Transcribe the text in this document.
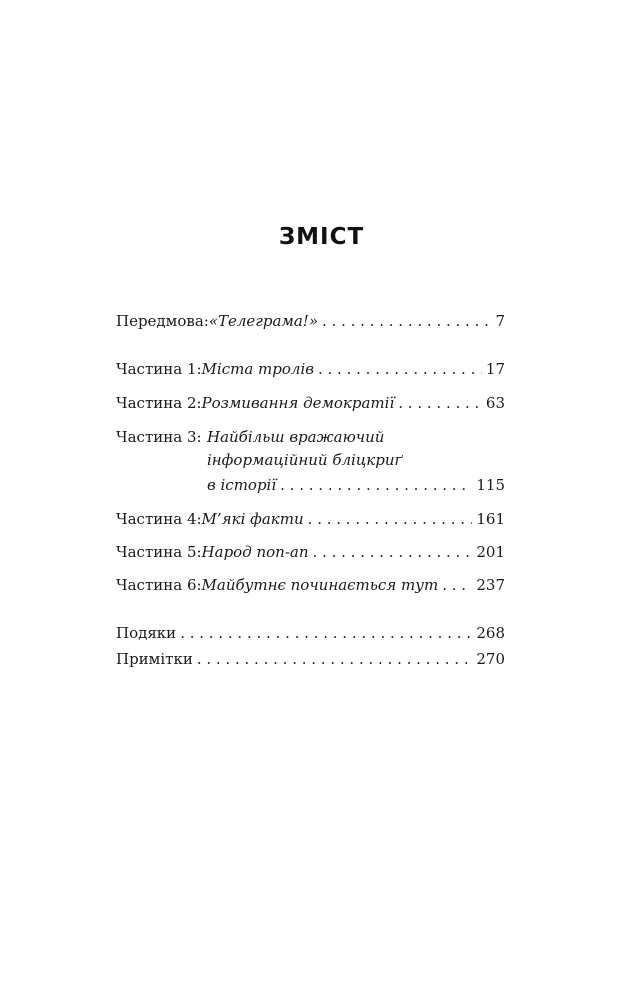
ЗМІСТ
Передмова: «Телеграма!» . . .	7
Частина 1: Міста тролів . . .	17
Частина 2: Розмивання демократії . . .	63
Частина 3: Найбільш вражаючий
інформаційний бліцкриґ
в історії . . .	115
Частина 4: М’які факти . . .	161
Частина 5: Народ поп-ап . . .	201
Частина 6: Майбутнє починається тут . . .	237
Подяки . . .	268
Примітки . . .	270
